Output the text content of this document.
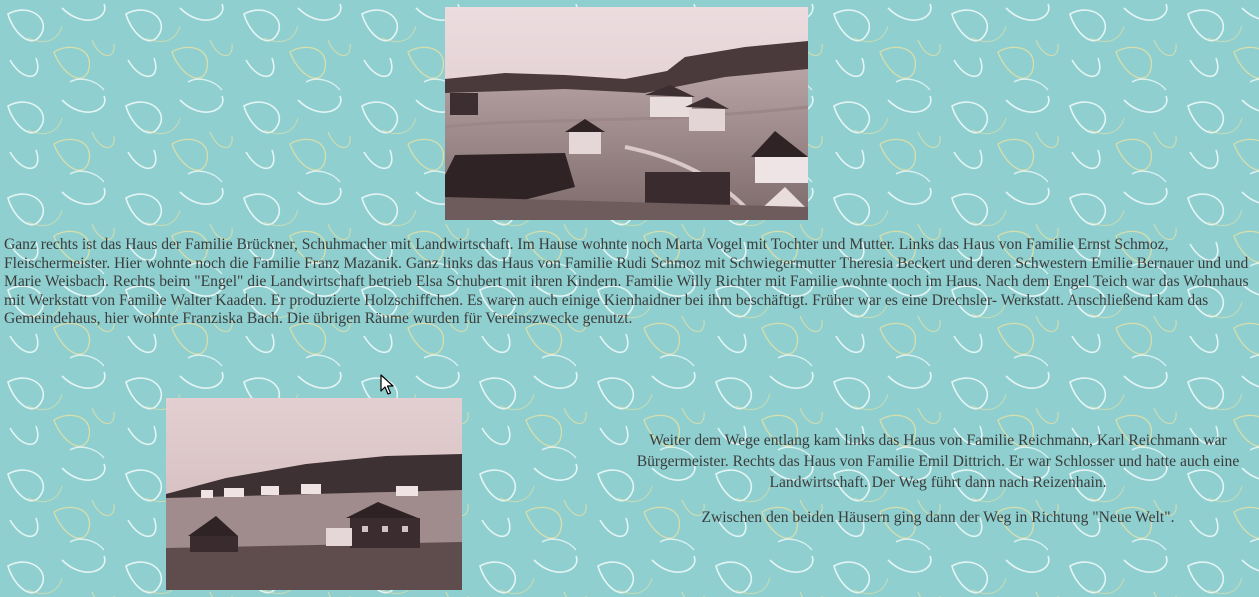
Ganz rechts ist das Haus der Familie Brückner, Schuhmacher mit Landwirtschaft. Im Hause wohnte noch Marta Vogel mit Tochter und Mutter. Links das Haus von Familie Ernst Schmoz, Fleischermeister. Hier wohnte noch die Familie Franz Mazanik. Ganz links das Haus von Familie Rudi Schmoz mit Schwiegermutter Theresia Beckert und deren Schwestern Emilie Bernauer und und Marie Weisbach. Rechts beim "Engel" die Landwirtschaft betrieb Elsa Schubert mit ihren Kindern. Familie Willy Richter mit Familie wohnte noch im Haus. Nach dem Engel Teich war das Wohnhaus mit Werkstatt von Familie Walter Kaaden. Er produzierte Holzschiffchen. Es waren auch einige Kienhaidner bei ihm beschäftigt. Früher war es eine Drechsler- Werkstatt. Anschließend kam das Gemeindehaus, hier wohnte Franziska Bach. Die übrigen Räume wurden für Vereinszwecke genutzt.

Weiter dem Wege entlang kam links das Haus von Familie Reichmann, Karl Reichmann war Bürgermeister. Rechts das Haus von Familie Emil Dittrich. Er war Schlosser und hatte auch eine Landwirtschaft. Der Weg führt dann nach Reizenhain.

Zwischen den beiden Häusern ging dann der Weg in Richtung "Neue Welt".
